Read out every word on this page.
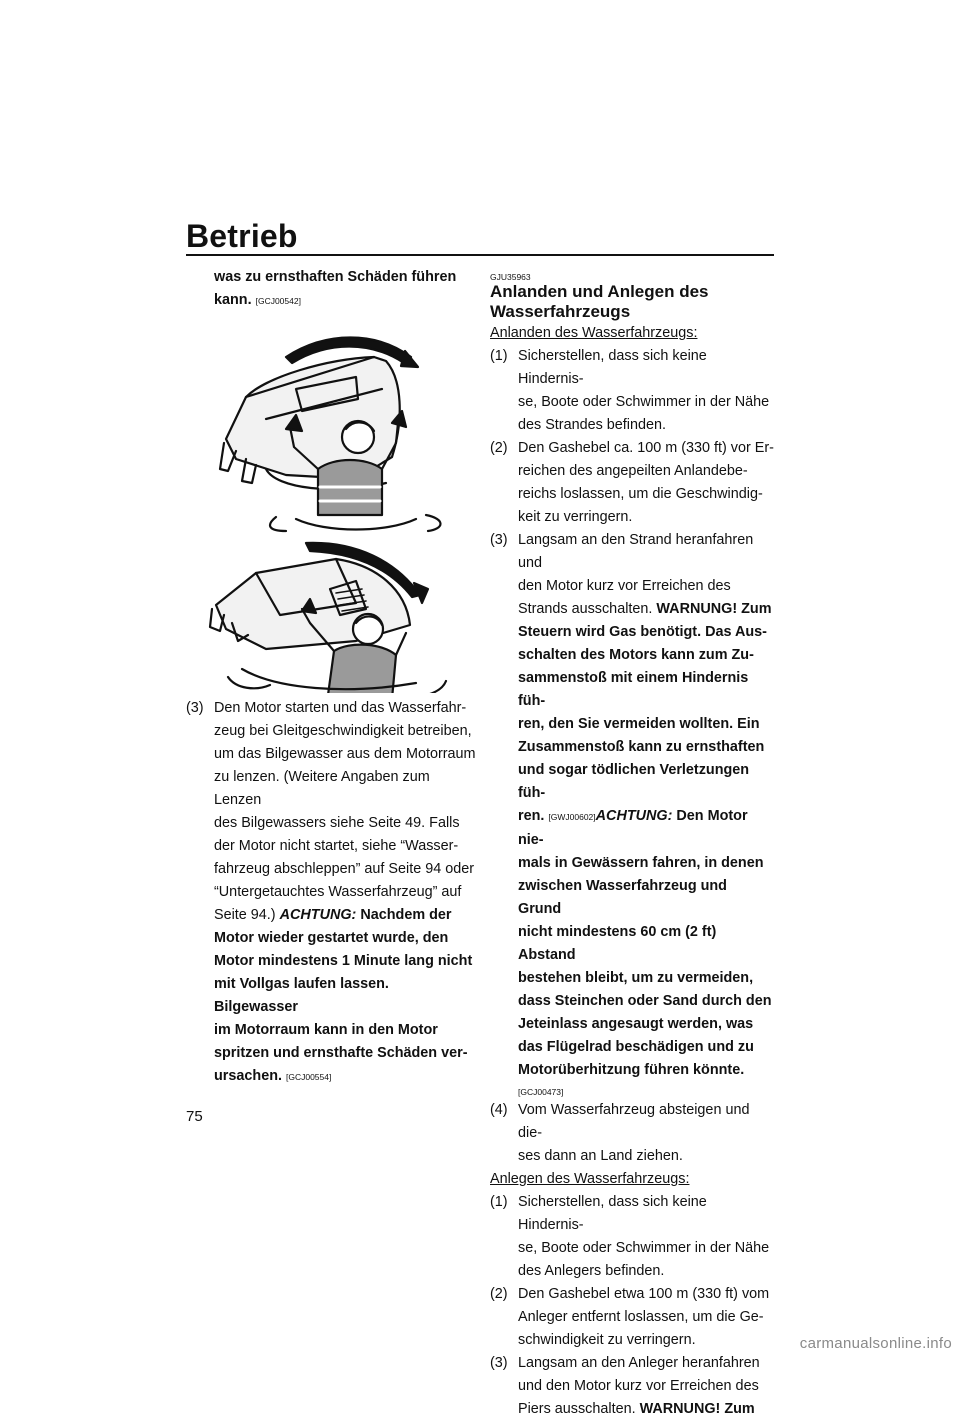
Betrieb
was zu ernsthaften Schäden führen
kann. [GCJ00542]
(3) Den Motor starten und das Wasserfahr-
zeug bei Gleitgeschwindigkeit betreiben,
um das Bilgewasser aus dem Motorraum
zu lenzen. (Weitere Angaben zum Lenzen
des Bilgewassers siehe Seite 49. Falls
der Motor nicht startet, siehe “Wasser-
fahrzeug abschleppen” auf Seite 94 oder
“Untergetauchtes Wasserfahrzeug” auf
Seite 94.) ACHTUNG: Nachdem der
Motor wieder gestartet wurde, den
Motor mindestens 1 Minute lang nicht
mit Vollgas laufen lassen. Bilgewasser
im Motorraum kann in den Motor
spritzen und ernsthafte Schäden ver-
ursachen. [GCJ00554]
GJU35963
Anlanden und Anlegen des
Wasserfahrzeugs
Anlanden des Wasserfahrzeugs:
(1) Sicherstellen, dass sich keine Hindernis-
se, Boote oder Schwimmer in der Nähe
des Strandes befinden.
(2) Den Gashebel ca. 100 m (330 ft) vor Er-
reichen des angepeilten Anlandebe-
reichs loslassen, um die Geschwindig-
keit zu verringern.
(3) Langsam an den Strand heranfahren und
den Motor kurz vor Erreichen des
Strands ausschalten. WARNUNG! Zum
Steuern wird Gas benötigt. Das Aus-
schalten des Motors kann zum Zu-
sammenstoß mit einem Hindernis füh-
ren, den Sie vermeiden wollten. Ein
Zusammenstoß kann zu ernsthaften
und sogar tödlichen Verletzungen füh-
ren. [GWJ00602]ACHTUNG: Den Motor nie-
mals in Gewässern fahren, in denen
zwischen Wasserfahrzeug und Grund
nicht mindestens 60 cm (2 ft) Abstand
bestehen bleibt, um zu vermeiden,
dass Steinchen oder Sand durch den
Jeteinlass angesaugt werden, was
das Flügelrad beschädigen und zu
Motorüberhitzung führen könnte.
[GCJ00473]
(4) Vom Wasserfahrzeug absteigen und die-
ses dann an Land ziehen.
Anlegen des Wasserfahrzeugs:
(1) Sicherstellen, dass sich keine Hindernis-
se, Boote oder Schwimmer in der Nähe
des Anlegers befinden.
(2) Den Gashebel etwa 100 m (330 ft) vom
Anleger entfernt loslassen, um die Ge-
schwindigkeit zu verringern.
(3) Langsam an den Anleger heranfahren
und den Motor kurz vor Erreichen des
Piers ausschalten. WARNUNG! Zum
75
carmanualsonline.info
